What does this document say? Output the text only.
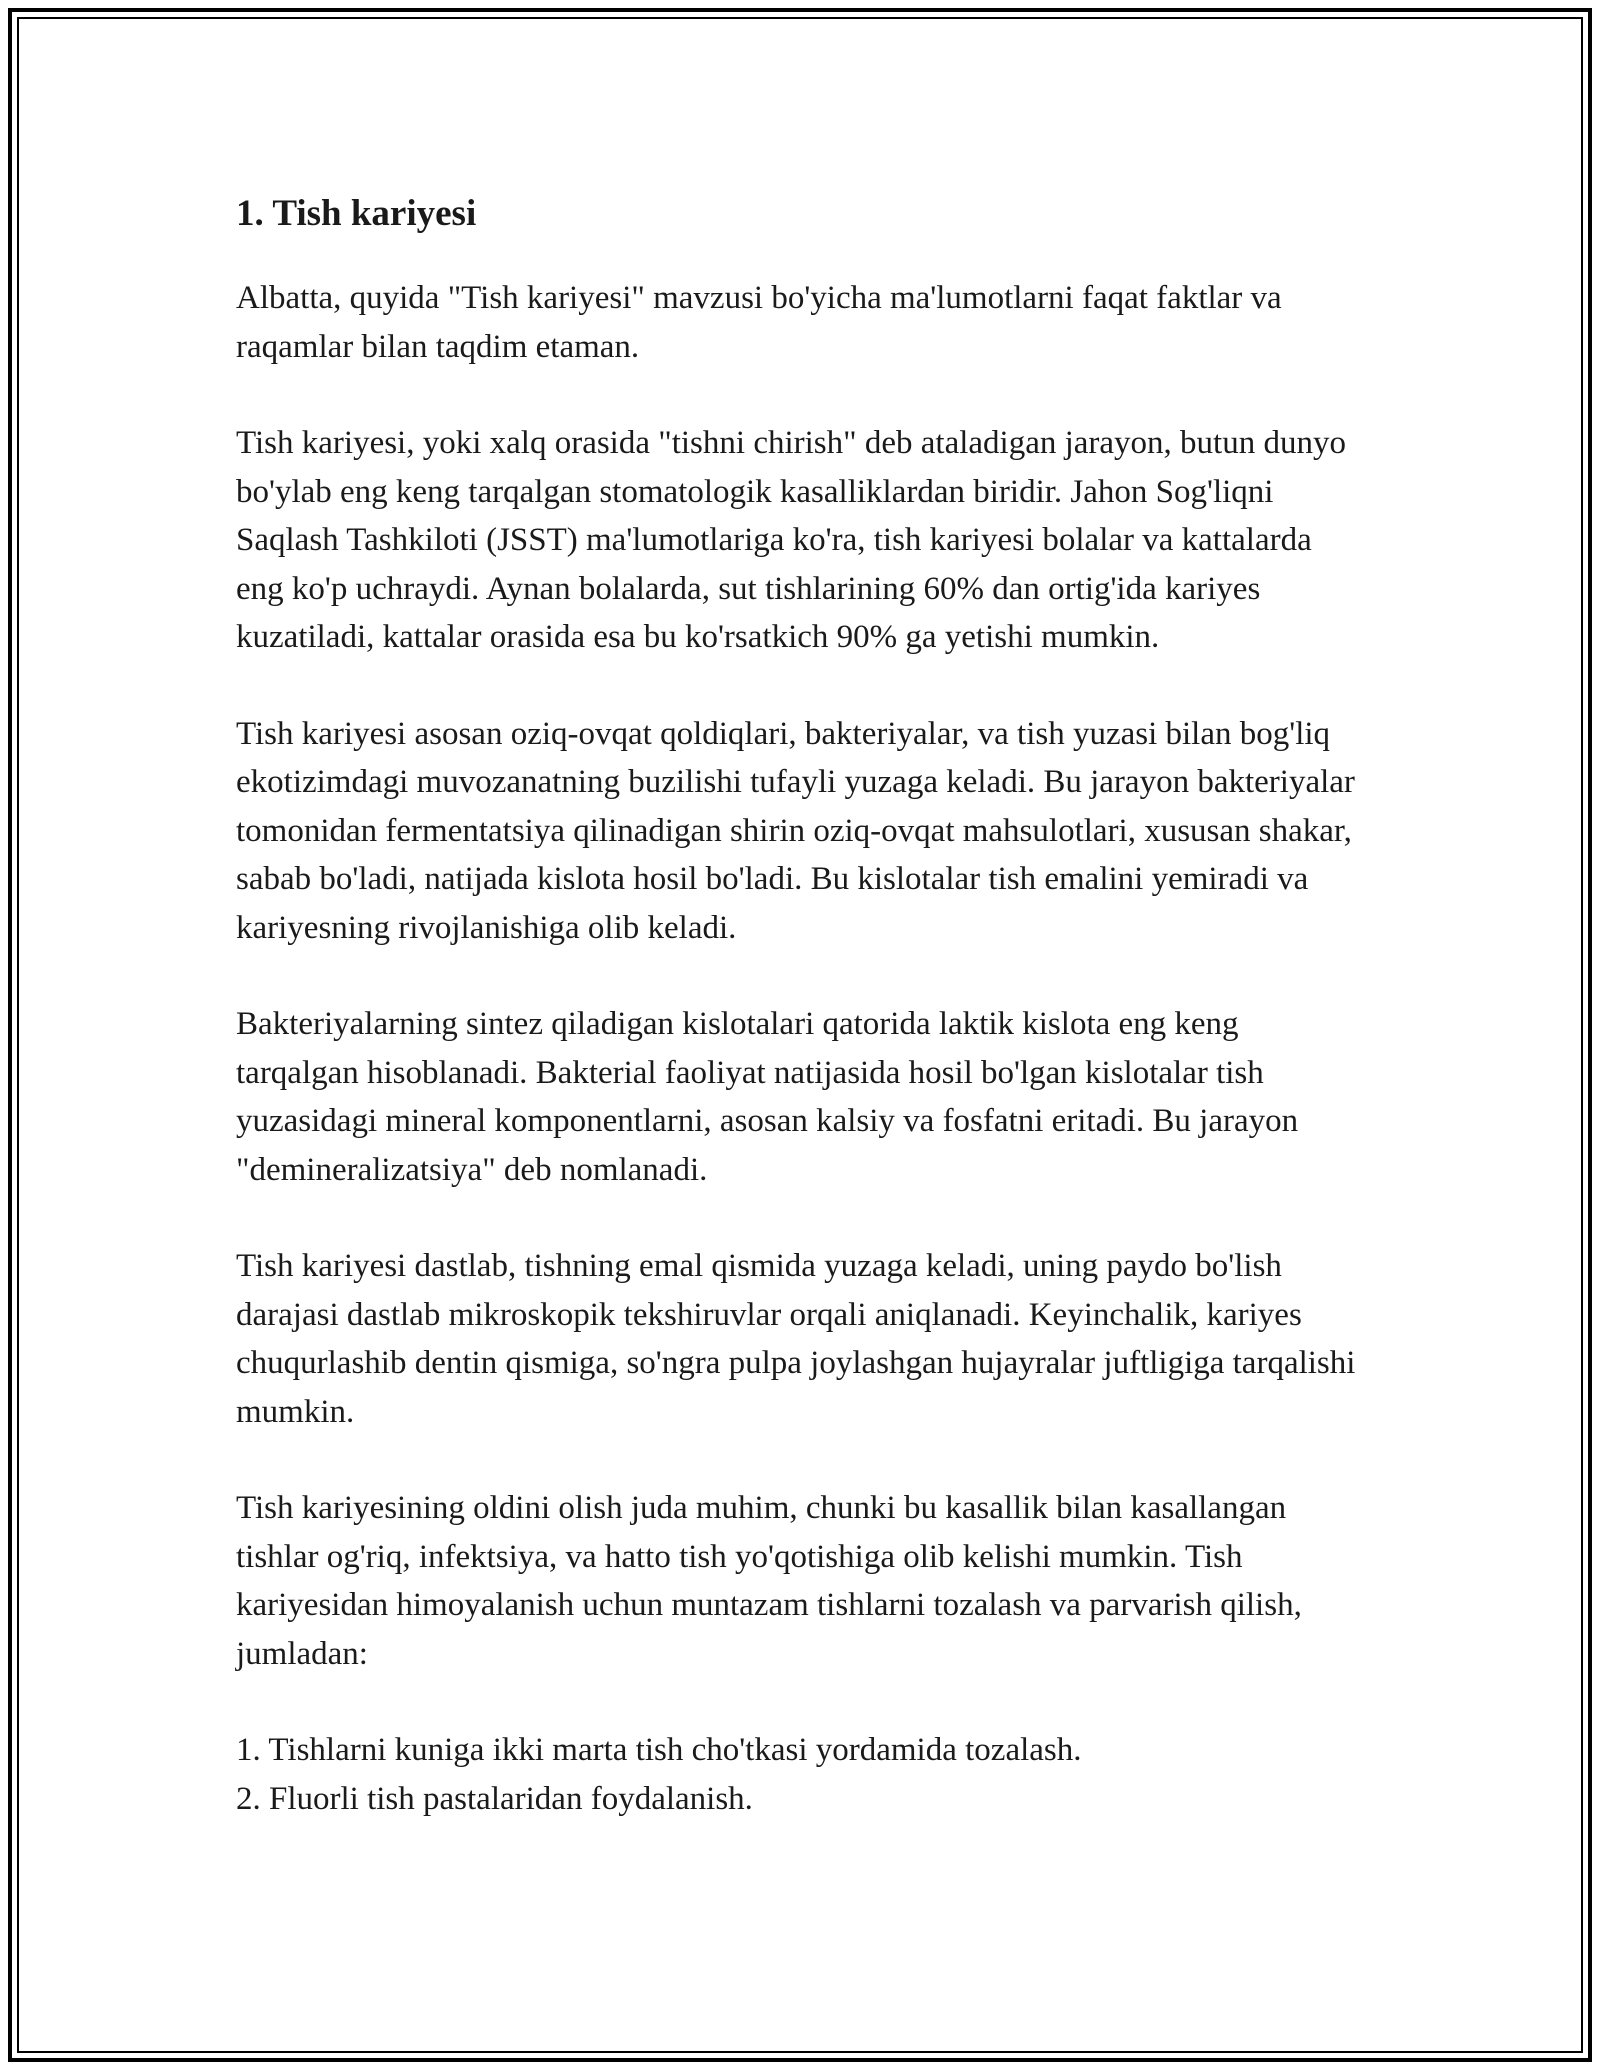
1. Tish kariyesi

Albatta, quyida "Tish kariyesi" mavzusi bo'yicha ma'lumotlarni faqat faktlar va raqamlar bilan taqdim etaman.

Tish kariyesi, yoki xalq orasida "tishni chirish" deb ataladigan jarayon, butun dunyo bo'ylab eng keng tarqalgan stomatologik kasalliklardan biridir. Jahon Sog'liqni Saqlash Tashkiloti (JSST) ma'lumotlariga ko'ra, tish kariyesi bolalar va kattalarda eng ko'p uchraydi. Aynan bolalarda, sut tishlarining 60% dan ortig'ida kariyes kuzatiladi, kattalar orasida esa bu ko'rsatkich 90% ga yetishi mumkin.

Tish kariyesi asosan oziq-ovqat qoldiqlari, bakteriyalar, va tish yuzasi bilan bog'liq ekotizimdagi muvozanatning buzilishi tufayli yuzaga keladi. Bu jarayon bakteriyalar tomonidan fermentatsiya qilinadigan shirin oziq-ovqat mahsulotlari, xususan shakar, sabab bo'ladi, natijada kislota hosil bo'ladi. Bu kislotalar tish emalini yemiradi va kariyesning rivojlanishiga olib keladi.

Bakteriyalarning sintez qiladigan kislotalari qatorida laktik kislota eng keng tarqalgan hisoblanadi. Bakterial faoliyat natijasida hosil bo'lgan kislotalar tish yuzasidagi mineral komponentlarni, asosan kalsiy va fosfatni eritadi. Bu jarayon "demineralizatsiya" deb nomlanadi.

Tish kariyesi dastlab, tishning emal qismida yuzaga keladi, uning paydo bo'lish darajasi dastlab mikroskopik tekshiruvlar orqali aniqlanadi. Keyinchalik, kariyes chuqurlashib dentin qismiga, so'ngra pulpa joylashgan hujayralar juftligiga tarqalishi mumkin.

Tish kariyesining oldini olish juda muhim, chunki bu kasallik bilan kasallangan tishlar og'riq, infektsiya, va hatto tish yo'qotishiga olib kelishi mumkin. Tish kariyesidan himoyalanish uchun muntazam tishlarni tozalash va parvarish qilish, jumladan:

1. Tishlarni kuniga ikki marta tish cho'tkasi yordamida tozalash.
2. Fluorli tish pastalaridan foydalanish.
